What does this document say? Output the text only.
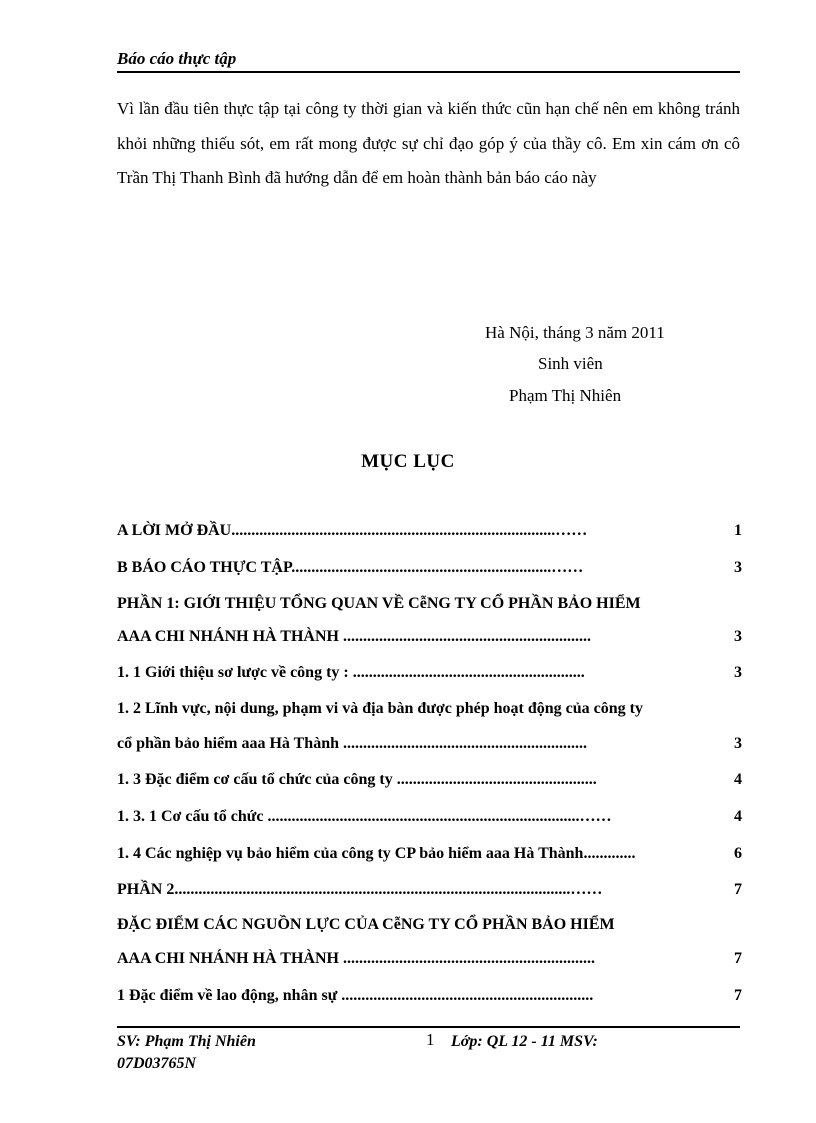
Báo cáo thực tập

Vì lần đầu tiên thực tập tại công ty thời gian và kiến thức cũn hạn chế nên em không tránh khỏi những thiếu sót, em rất mong được sự chỉ đạo góp ý của thầy cô. Em xin cám ơn cô Trần Thị Thanh Bình đã hướng dẫn để em hoàn thành bản báo cáo này

Hà Nội, tháng 3 năm 2011
Sinh viên
Phạm Thị Nhiên
MỤC LỤC
A LỜI MỞ ĐẦU.................................................................................……	1
B BÁO CÁO THỰC TẬP.................................................................……	3
PHẦN 1: GIỚI THIỆU TỔNG QUAN VỀ CễNG TY CỔ PHẦN BẢO HIỂM
AAA CHI NHÁNH HÀ THÀNH ..............................................................	3
1. 1 Giới thiệu sơ lược về công ty : ..........................................................	3
1. 2 Lĩnh vực, nội dung, phạm vi và địa bàn được phép hoạt động của công ty
cổ phần bảo hiểm aaa Hà Thành .............................................................	3
1. 3 Đặc điểm cơ cấu tổ chức của công ty ..................................................	4
1. 3. 1 Cơ cấu tổ chức ..............................................................................……	4
1. 4 Các nghiệp vụ bảo hiểm của công ty CP bảo hiểm aaa Hà Thành.............	6
PHẦN 2...................................................................................................……	7
ĐẶC ĐIỂM CÁC NGUỒN LỰC CỦA CễNG TY CỔ PHẦN BẢO HIỂM
AAA CHI NHÁNH HÀ THÀNH ...............................................................	7
1 Đặc điểm về lao động, nhân sự ...............................................................	7
SV: Phạm Thị Nhiên
07D03765N
1 Lớp: QL 12 - 11 MSV:
